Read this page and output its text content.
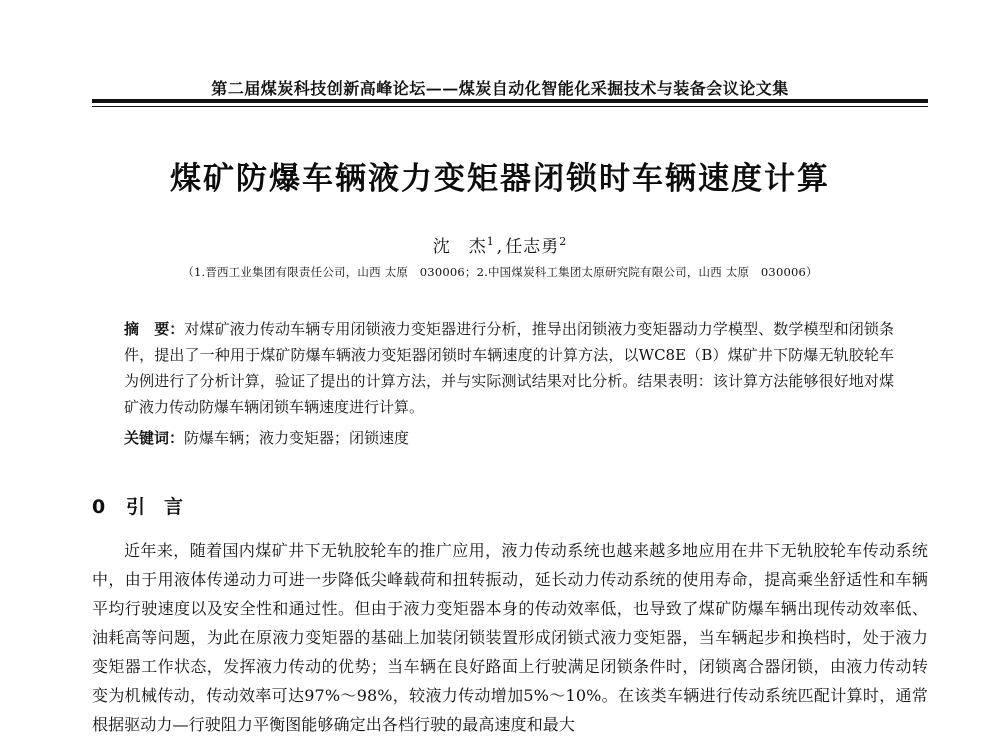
第二届煤炭科技创新高峰论坛——煤炭自动化智能化采掘技术与装备会议论文集
煤矿防爆车辆液力变矩器闭锁时车辆速度计算
沈　杰$^1$ , 任志勇$^2$
（1.晋西工业集团有限责任公司，山西 太原　030006；2.中国煤炭科工集团太原研究院有限公司，山西 太原　030006）
摘　要：对煤矿液力传动车辆专用闭锁液力变矩器进行分析，推导出闭锁液力变矩器动力学模型、数学模型和闭锁条件，提出了一种用于煤矿防爆车辆液力变矩器闭锁时车辆速度的计算方法，以WC8E（B）煤矿井下防爆无轨胶轮车为例进行了分析计算，验证了提出的计算方法，并与实际测试结果对比分析。结果表明：该计算方法能够很好地对煤矿液力传动防爆车辆闭锁车辆速度进行计算。
关键词：防爆车辆；液力变矩器；闭锁速度
0 引　言
近年来，随着国内煤矿井下无轨胶轮车的推广应用，液力传动系统也越来越多地应用在井下无轨胶轮车传动系统中，由于用液体传递动力可进一步降低尖峰载荷和扭转振动，延长动力传动系统的使用寿命，提高乘坐舒适性和车辆平均行驶速度以及安全性和通过性。但由于液力变矩器本身的传动效率低，也导致了煤矿防爆车辆出现传动效率低、油耗高等问题，为此在原液力变矩器的基础上加装闭锁装置形成闭锁式液力变矩器，当车辆起步和换档时，处于液力变矩器工作状态，发挥液力传动的优势；当车辆在良好路面上行驶满足闭锁条件时，闭锁离合器闭锁，由液力传动转变为机械传动，传动效率可达97%～98%，较液力传动增加5%～10%。在该类车辆进行传动系统匹配计算时，通常根据驱动力—行驶阻力平衡图能够确定出各档行驶的最高速度和最大
